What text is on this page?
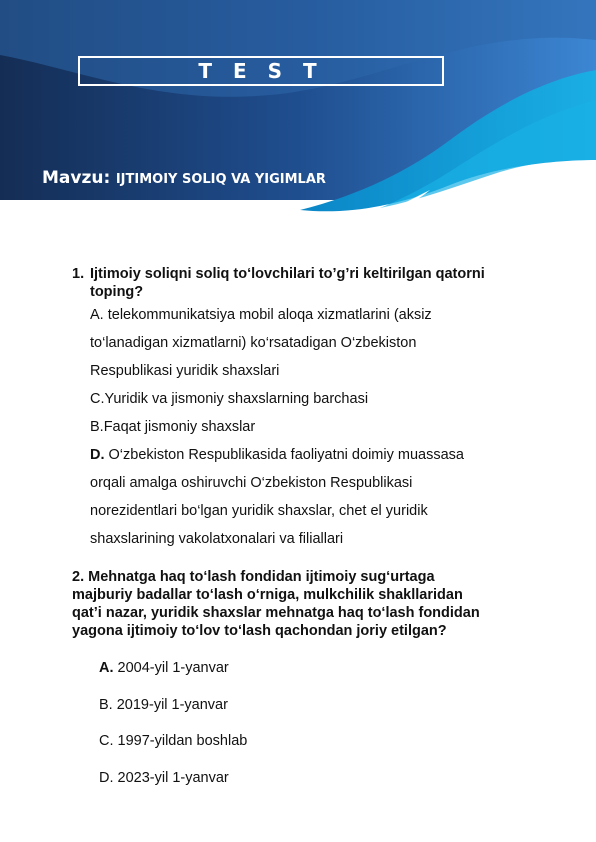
T E S T
Mavzu: IJTIMOIY SOLIQ VA YIGIMLAR
1. Ijtimoiy soliqni soliq to‘lovchilari to’g’ri keltirilgan qatorni
toping?
A. telekommunikatsiya mobil aloqa xizmatlarini (aksiz
to‘lanadigan xizmatlarni) ko‘rsatadigan O‘zbekiston
Respublikasi yuridik shaxslari
C.Yuridik va jismoniy shaxslarning barchasi
B.Faqat jismoniy shaxslar
D. O‘zbekiston Respublikasida faoliyatni doimiy muassasa
orqali amalga oshiruvchi O‘zbekiston Respublikasi
norezidentlari bo‘lgan yuridik shaxslar, chet el yuridik
shaxslarining vakolatxonalari va filiallari
2. Mehnatga haq to‘lash fondidan ijtimoiy sug‘urtaga
majburiy badallar to‘lash o‘rniga, mulkchilik shakllaridan
qat’i nazar, yuridik shaxslar mehnatga haq to‘lash fondidan
yagona ijtimoiy to‘lov to‘lash qachondan joriy etilgan?
A. 2004-yil 1-yanvar
B. 2019-yil 1-yanvar
C. 1997-yildan boshlab
D. 2023-yil 1-yanvar
